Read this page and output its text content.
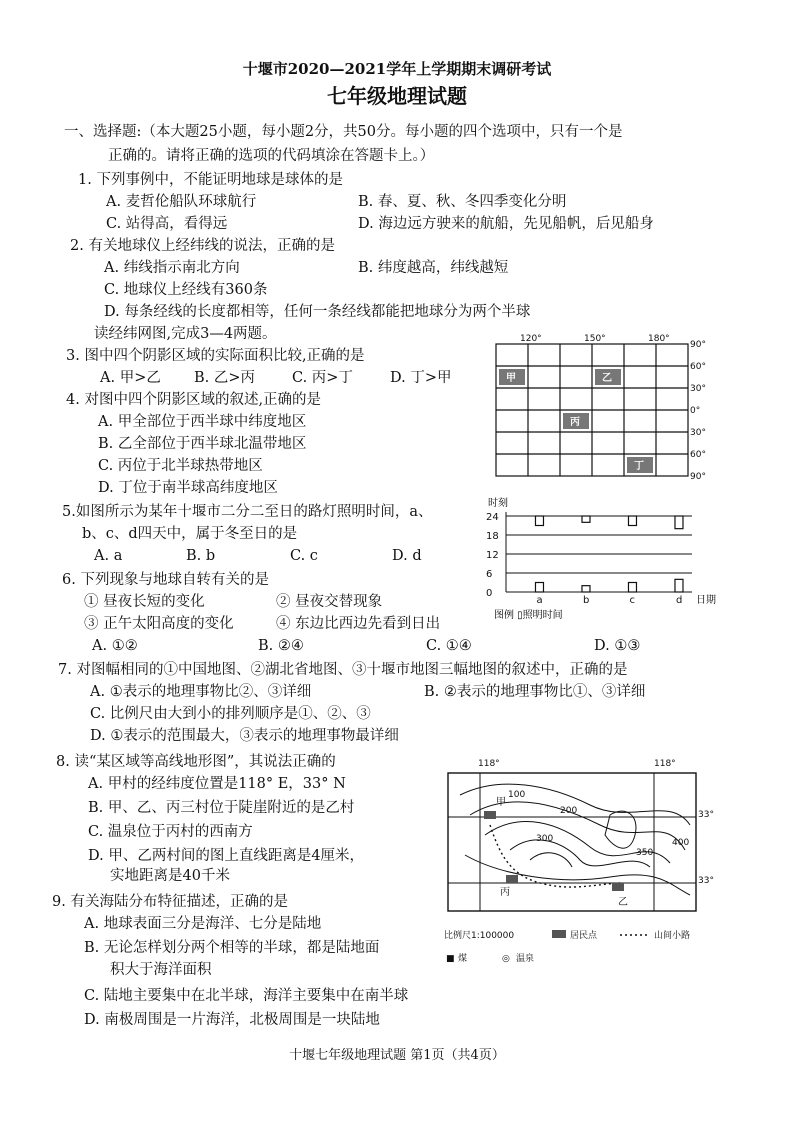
十堰市2020—2021学年上学期期末调研考试
七年级地理试题
一、选择题:（本大题25小题，每小题2分，共50分。每小题的四个选项中，只有一个是
正确的。请将正确的选项的代码填涂在答题卡上。）
1. 下列事例中，不能证明地球是球体的是
A. 麦哲伦船队环球航行	B. 春、夏、秋、冬四季变化分明
C. 站得高，看得远	D. 海边远方驶来的航船，先见船帆，后见船身
2. 有关地球仪上经纬线的说法，正确的是
A. 纬线指示南北方向	B. 纬度越高，纬线越短
C. 地球仪上经线有360条
D. 每条经线的长度都相等，任何一条经线都能把地球分为两个半球
读经纬网图,完成3—4两题。
3. 图中四个阴影区域的实际面积比较,正确的是
A. 甲>乙 B. 乙>丙	C. 丙>丁	D. 丁>甲
4. 对图中四个阴影区域的叙述,正确的是
A. 甲全部位于西半球中纬度地区
B. 乙全部位于西半球北温带地区
C. 丙位于北半球热带地区
D. 丁位于南半球高纬度地区
5.如图所示为某年十堰市二分二至日的路灯照明时间，a、
b、c、d四天中，属于冬至日的是
A. a	B. b	C. c	D. d
6. 下列现象与地球自转有关的是
① 昼夜长短的变化	② 昼夜交替现象
③ 正午太阳高度的变化	④ 东边比西边先看到日出
A. ①②	B. ②④	C. ①④	D. ①③
7. 对图幅相同的①中国地图、②湖北省地图、③十堰市地图三幅地图的叙述中，正确的是
A. ①表示的地理事物比②、③详细	B. ②表示的地理事物比①、③详细
C. 比例尺由大到小的排列顺序是①、②、③
D. ①表示的范围最大，③表示的地理事物最详细
8. 读“某区域等高线地形图”，其说法正确的
A. 甲村的经纬度位置是118° E，33° N
B. 甲、乙、丙三村位于陡崖附近的是乙村
C. 温泉位于丙村的西南方
D. 甲、乙两村间的图上直线距离是4厘米，
实地距离是40千米
9. 有关海陆分布特征描述，正确的是
A. 地球表面三分是海洋、七分是陆地
B. 无论怎样划分两个相等的半球，都是陆地面
积大于海洋面积
C. 陆地主要集中在北半球，海洋主要集中在南半球
D. 南极周围是一片海洋，北极周围是一块陆地
十堰七年级地理试题 第1页（共4页）
甲	乙
丙
丁
120°	150°	180°
90°
60°
30°
0°
30°
60°
90°
时刻
0
6
12
18
24
a	b	c	d 日期
图例 ▯照明时间
118°	118°
33°
33°
100
200
300
350
400
甲
乙
丙
比例尺1:100000	居民点	山间小路
■ 煤	◎ 温泉
